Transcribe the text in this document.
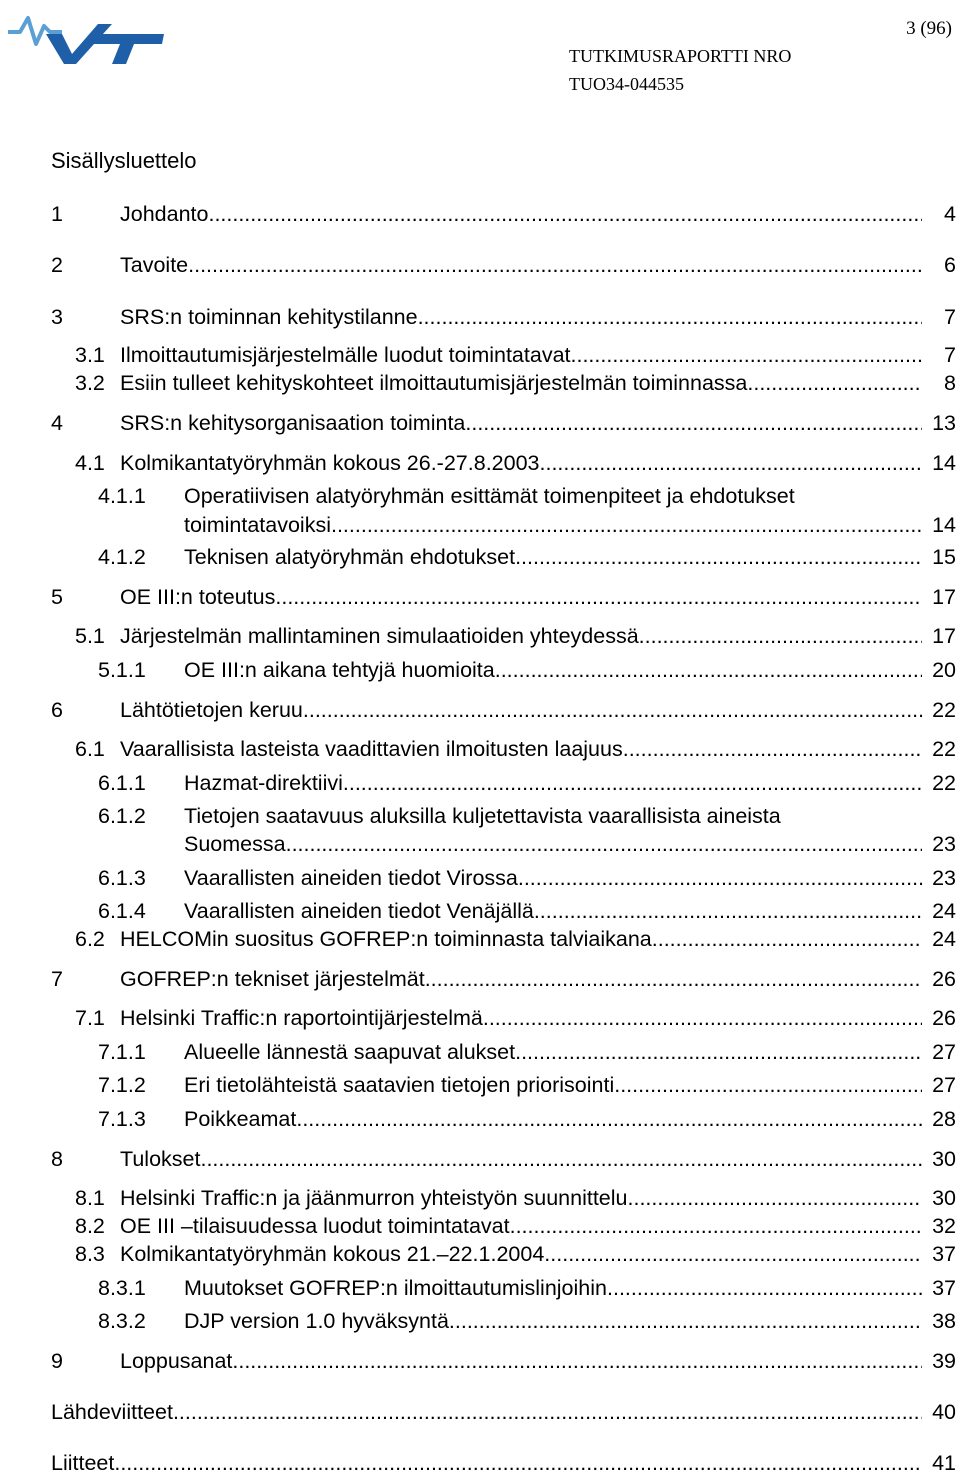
3 (96)
TUTKIMUSRAPORTTI NRO
TUO34-044535
Sisällysluettelo
1	Johdanto .....	4
2	Tavoite .....	6
3	SRS:n toiminnan kehitystilanne .....	7
3.1 Ilmoittautumisjärjestelmälle luodut toimintatavat .....	7
3.2 Esiin tulleet kehityskohteet ilmoittautumisjärjestelmän toiminnassa .....	8
4	SRS:n kehitysorganisaation toiminta .....	13
4.1 Kolmikantatyöryhmän kokous 26.-27.8.2003 .....	14
4.1.1 Operatiivisen alatyöryhmän esittämät toimenpiteet ja ehdotukset
toimintatavoiksi .....	14
4.1.2 Teknisen alatyöryhmän ehdotukset .....	15
5	OE III:n toteutus .....	17
5.1 Järjestelmän mallintaminen simulaatioiden yhteydessä .....	17
5.1.1 OE III:n aikana tehtyjä huomioita .....	20
6	Lähtötietojen keruu .....	22
6.1 Vaarallisista lasteista vaadittavien ilmoitusten laajuus .....	22
6.1.1 Hazmat-direktiivi .....	22
6.1.2 Tietojen saatavuus aluksilla kuljetettavista vaarallisista aineista
Suomessa .....	23
6.1.3 Vaarallisten aineiden tiedot Virossa .....	23
6.1.4 Vaarallisten aineiden tiedot Venäjällä .....	24
6.2 HELCOMin suositus GOFREP:n toiminnasta talviaikana .....	24
7	GOFREP:n tekniset järjestelmät .....	26
7.1 Helsinki Traffic:n raportointijärjestelmä .....	26
7.1.1 Alueelle lännestä saapuvat alukset .....	27
7.1.2 Eri tietolähteistä saatavien tietojen priorisointi .....	27
7.1.3 Poikkeamat .....	28
8	Tulokset .....	30
8.1 Helsinki Traffic:n ja jäänmurron yhteistyön suunnittelu .....	30
8.2 OE III –tilaisuudessa luodut toimintatavat .....	32
8.3 Kolmikantatyöryhmän kokous 21.–22.1.2004 .....	37
8.3.1 Muutokset GOFREP:n ilmoittautumislinjoihin .....	37
8.3.2 DJP version 1.0 hyväksyntä .....	38
9	Loppusanat .....	39
Lähdeviitteet .....	40
Liitteet .....	41
